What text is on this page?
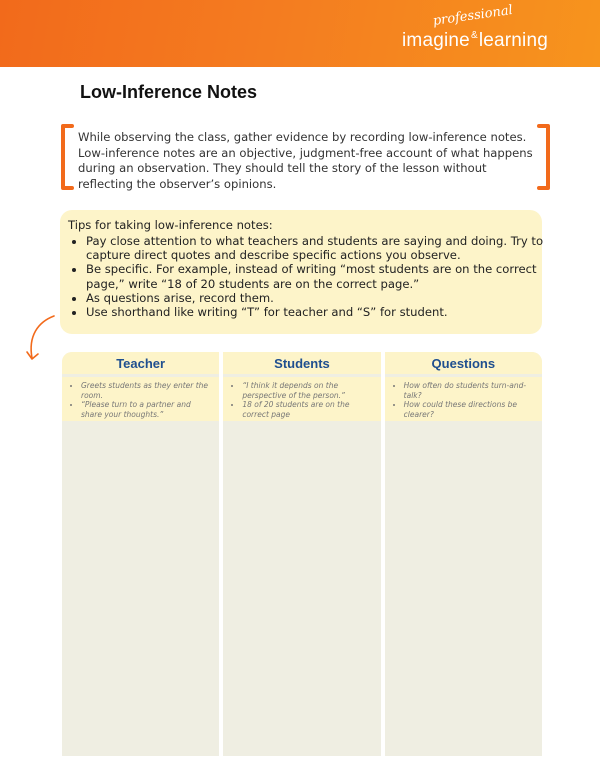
professional
imagine&learning
Low-Inference Notes

While observing the class, gather evidence by recording low-inference notes. Low-inference notes are an objective, judgment-free account of what happens during an observation. They should tell the story of the lesson without reflecting the observer’s opinions.

Tips for taking low-inference notes:

• Pay close attention to what teachers and students are saying and doing. Try to capture direct quotes and describe specific actions you observe.
• Be specific. For example, instead of writing “most students are on the correct page,” write “18 of 20 students are on the correct page.”
• As questions arise, record them.
• Use shorthand like writing “T” for teacher and “S” for student.
Teacher
• Greets students as they enter the room.
• “Please turn to a partner and share your thoughts.”
Students
• “I think it depends on the perspective of the person.”
• 18 of 20 students are on the correct page
Questions
• How often do students turn-and-talk?
• How could these directions be clearer?
